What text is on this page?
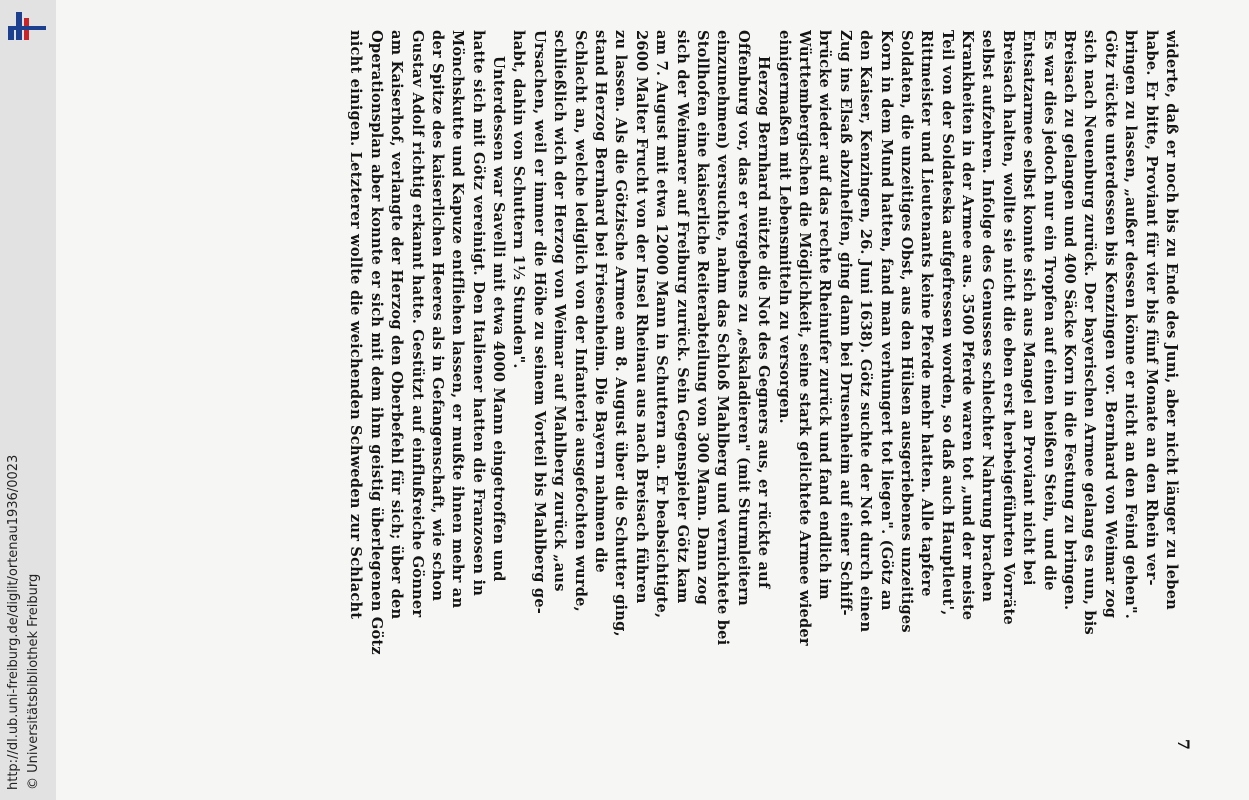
http://dl.ub.uni-freiburg.de/diglit/ortenau1936/0023 © Universitätsbibliothek Freiburg	7
widerte, daß er noch bis zu Ende des Juni, aber nicht länger zu leben
habe. Er bitte, Proviant für vier bis fünf Monate an den Rhein ver-
bringen zu lassen, „außer dessen könne er nicht an den Feind gehen".
Götz rückte unterdessen bis Kenzingen vor. Bernhard von Weimar zog
sich nach Neuenburg zurück. Der bayerischen Armee gelang es nun, bis
Breisach zu gelangen und 400 Säcke Korn in die Festung zu bringen.
Es war dies jedoch nur ein Tropfen auf einen heißen Stein, und die
Entsatzarmee selbst konnte sich aus Mangel an Proviant nicht bei
Breisach halten, wollte sie nicht die eben erst herbeigeführten Vorräte
selbst aufzehren. Infolge des Genusses schlechter Nahrung brachen
Krankheiten in der Armee aus. 3500 Pferde waren tot „und der meiste
Teil von der Soldateska aufgefressen worden, so daß auch Hauptleut',
Rittmeister und Lieutenants keine Pferde mehr hatten. Alle tapfere
Soldaten, die unzeitiges Obst, aus den Hülsen ausgeriebenes unzeitiges
Korn in dem Mund hatten, fand man verhungert tot liegen". (Götz an
den Kaiser, Kenzingen, 26. Juni 1638). Götz suchte der Not durch einen
Zug ins Elsaß abzuhelfen, ging dann bei Drusenheim auf einer Schiff-
brücke wieder auf das rechte Rheinufer zurück und fand endlich im
Württembergischen die Möglichkeit, seine stark gelichtete Armee wieder
einigermaßen mit Lebensmitteln zu versorgen.
Herzog Bernhard nützte die Not des Gegners aus, er rückte auf
Offenburg vor, das er vergebens zu „eskaladieren" (mit Sturmleitern
einzunehmen) versuchte, nahm das Schloß Mahlberg und vernichtete bei
Stollhofen eine kaiserliche Reiterabteilung von 300 Mann. Dann zog
sich der Weimarer auf Freiburg zurück. Sein Gegenspieler Götz kam
am 7. August mit etwa 12000 Mann in Schuttern an. Er beabsichtigte,
2600 Malter Frucht von der Insel Rheinau aus nach Breisach führen
zu lassen. Als die Götzische Armee am 8. August über die Schutter ging,
stand Herzog Bernhard bei Friesenheim. Die Bayern nahmen die
Schlacht an, welche lediglich von der Infanterie ausgefochten wurde,
schließlich wich der Herzog von Weimar auf Mahlberg zurück „aus
Ursachen, weil er immer die Höhe zu seinem Vorteil bis Mahlberg ge-
habt, dahin von Schuttern 1½ Stunden".
Unterdessen war Savelli mit etwa 4000 Mann eingetroffen und
hatte sich mit Götz vereinigt. Den Italiener hatten die Franzosen in
Mönchskutte und Kapuze entfliehen lassen, er mußte ihnen mehr an
der Spitze des kaiserlichen Heeres als in Gefangenschaft, wie schon
Gustav Adolf richtig erkannt hatte. Gestützt auf einflußreiche Gönner
am Kaiserhof, verlangte der Herzog den Oberbefehl für sich; über den
Operationsplan aber konnte er sich mit dem ihm geistig überlegenen Götz
nicht einigen. Letzterer wollte die weichenden Schweden zur Schlacht
